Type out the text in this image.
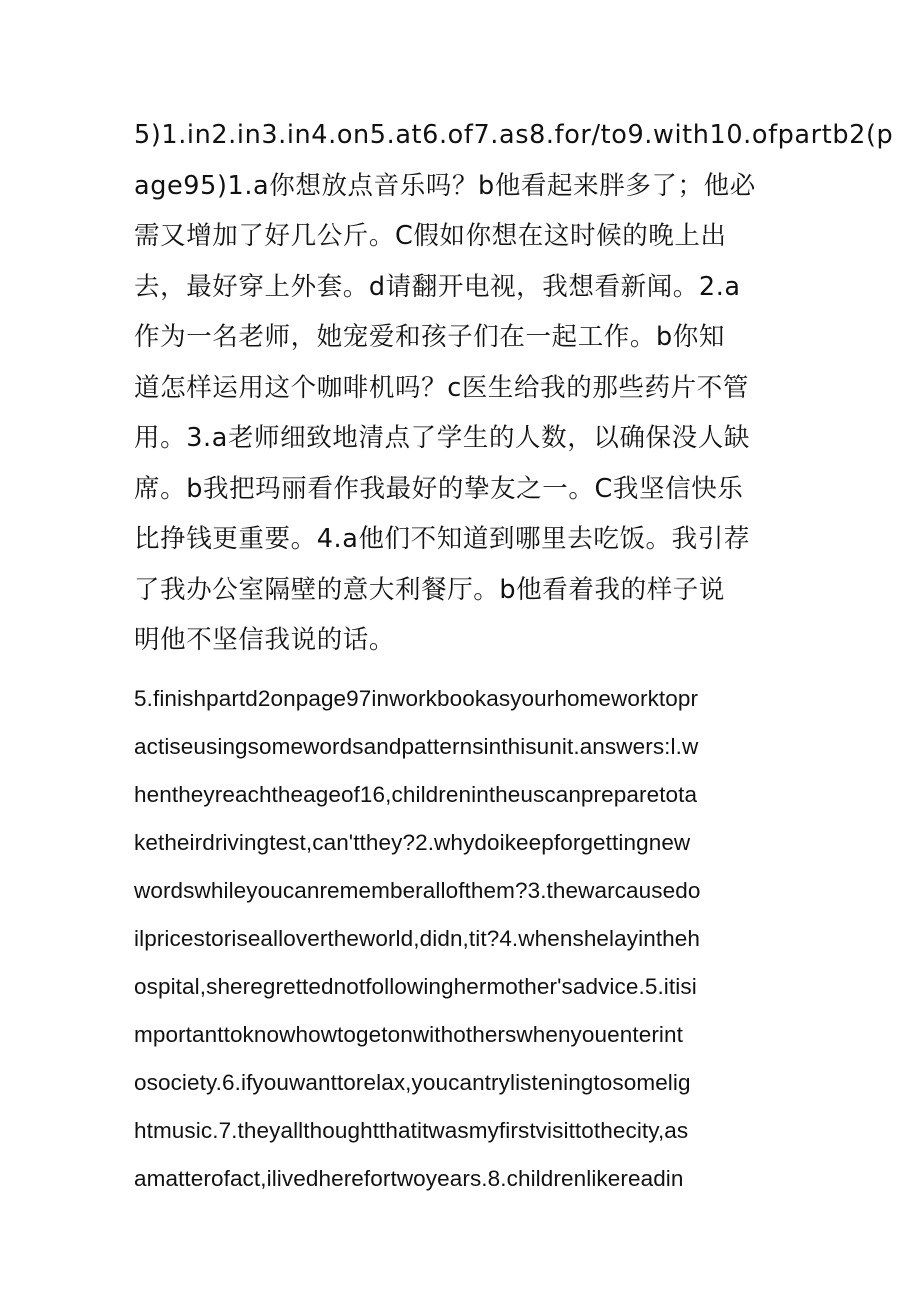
5)1.in2.in3.in4.on5.at6.of7.as8.for/to9.with10.ofpartb2(p
age95)1.a你想放点音乐吗？b他看起来胖多了；他必
需又增加了好几公斤。C假如你想在这时候的晚上出
去，最好穿上外套。d请翻开电视，我想看新闻。2.a
作为一名老师，她宠爱和孩子们在一起工作。b你知
道怎样运用这个咖啡机吗？c医生给我的那些药片不管
用。3.a老师细致地清点了学生的人数，以确保没人缺
席。b我把玛丽看作我最好的挚友之一。C我坚信快乐
比挣钱更重要。4.a他们不知道到哪里去吃饭。我引荐
了我办公室隔壁的意大利餐厅。b他看着我的样子说
明他不坚信我说的话。
5.finishpartd2onpage97inworkbookasyourhomeworktopr
actiseusingsomewordsandpatternsinthisunit.answers:l.w
hentheyreachtheageof16,childrenintheuscanpreparetota
ketheirdrivingtest,can'tthey?2.whydoikeepforgettingnew
wordswhileyoucanrememberallofthem?3.thewarcausedo
ilpricestoriseallovertheworld,didn,tit?4.whenshelayintheh
ospital,sheregrettednotfollowinghermother'sadvice.5.itisi
mportanttoknowhowtogetonwithotherswhenyouenterint
osociety.6.ifyouwanttorelax,youcantrylisteningtosomelig
htmusic.7.theyallthoughtthatitwasmyfirstvisittothecity,as
amatterofact,ilivedherefortwoyears.8.childrenlikereadin
